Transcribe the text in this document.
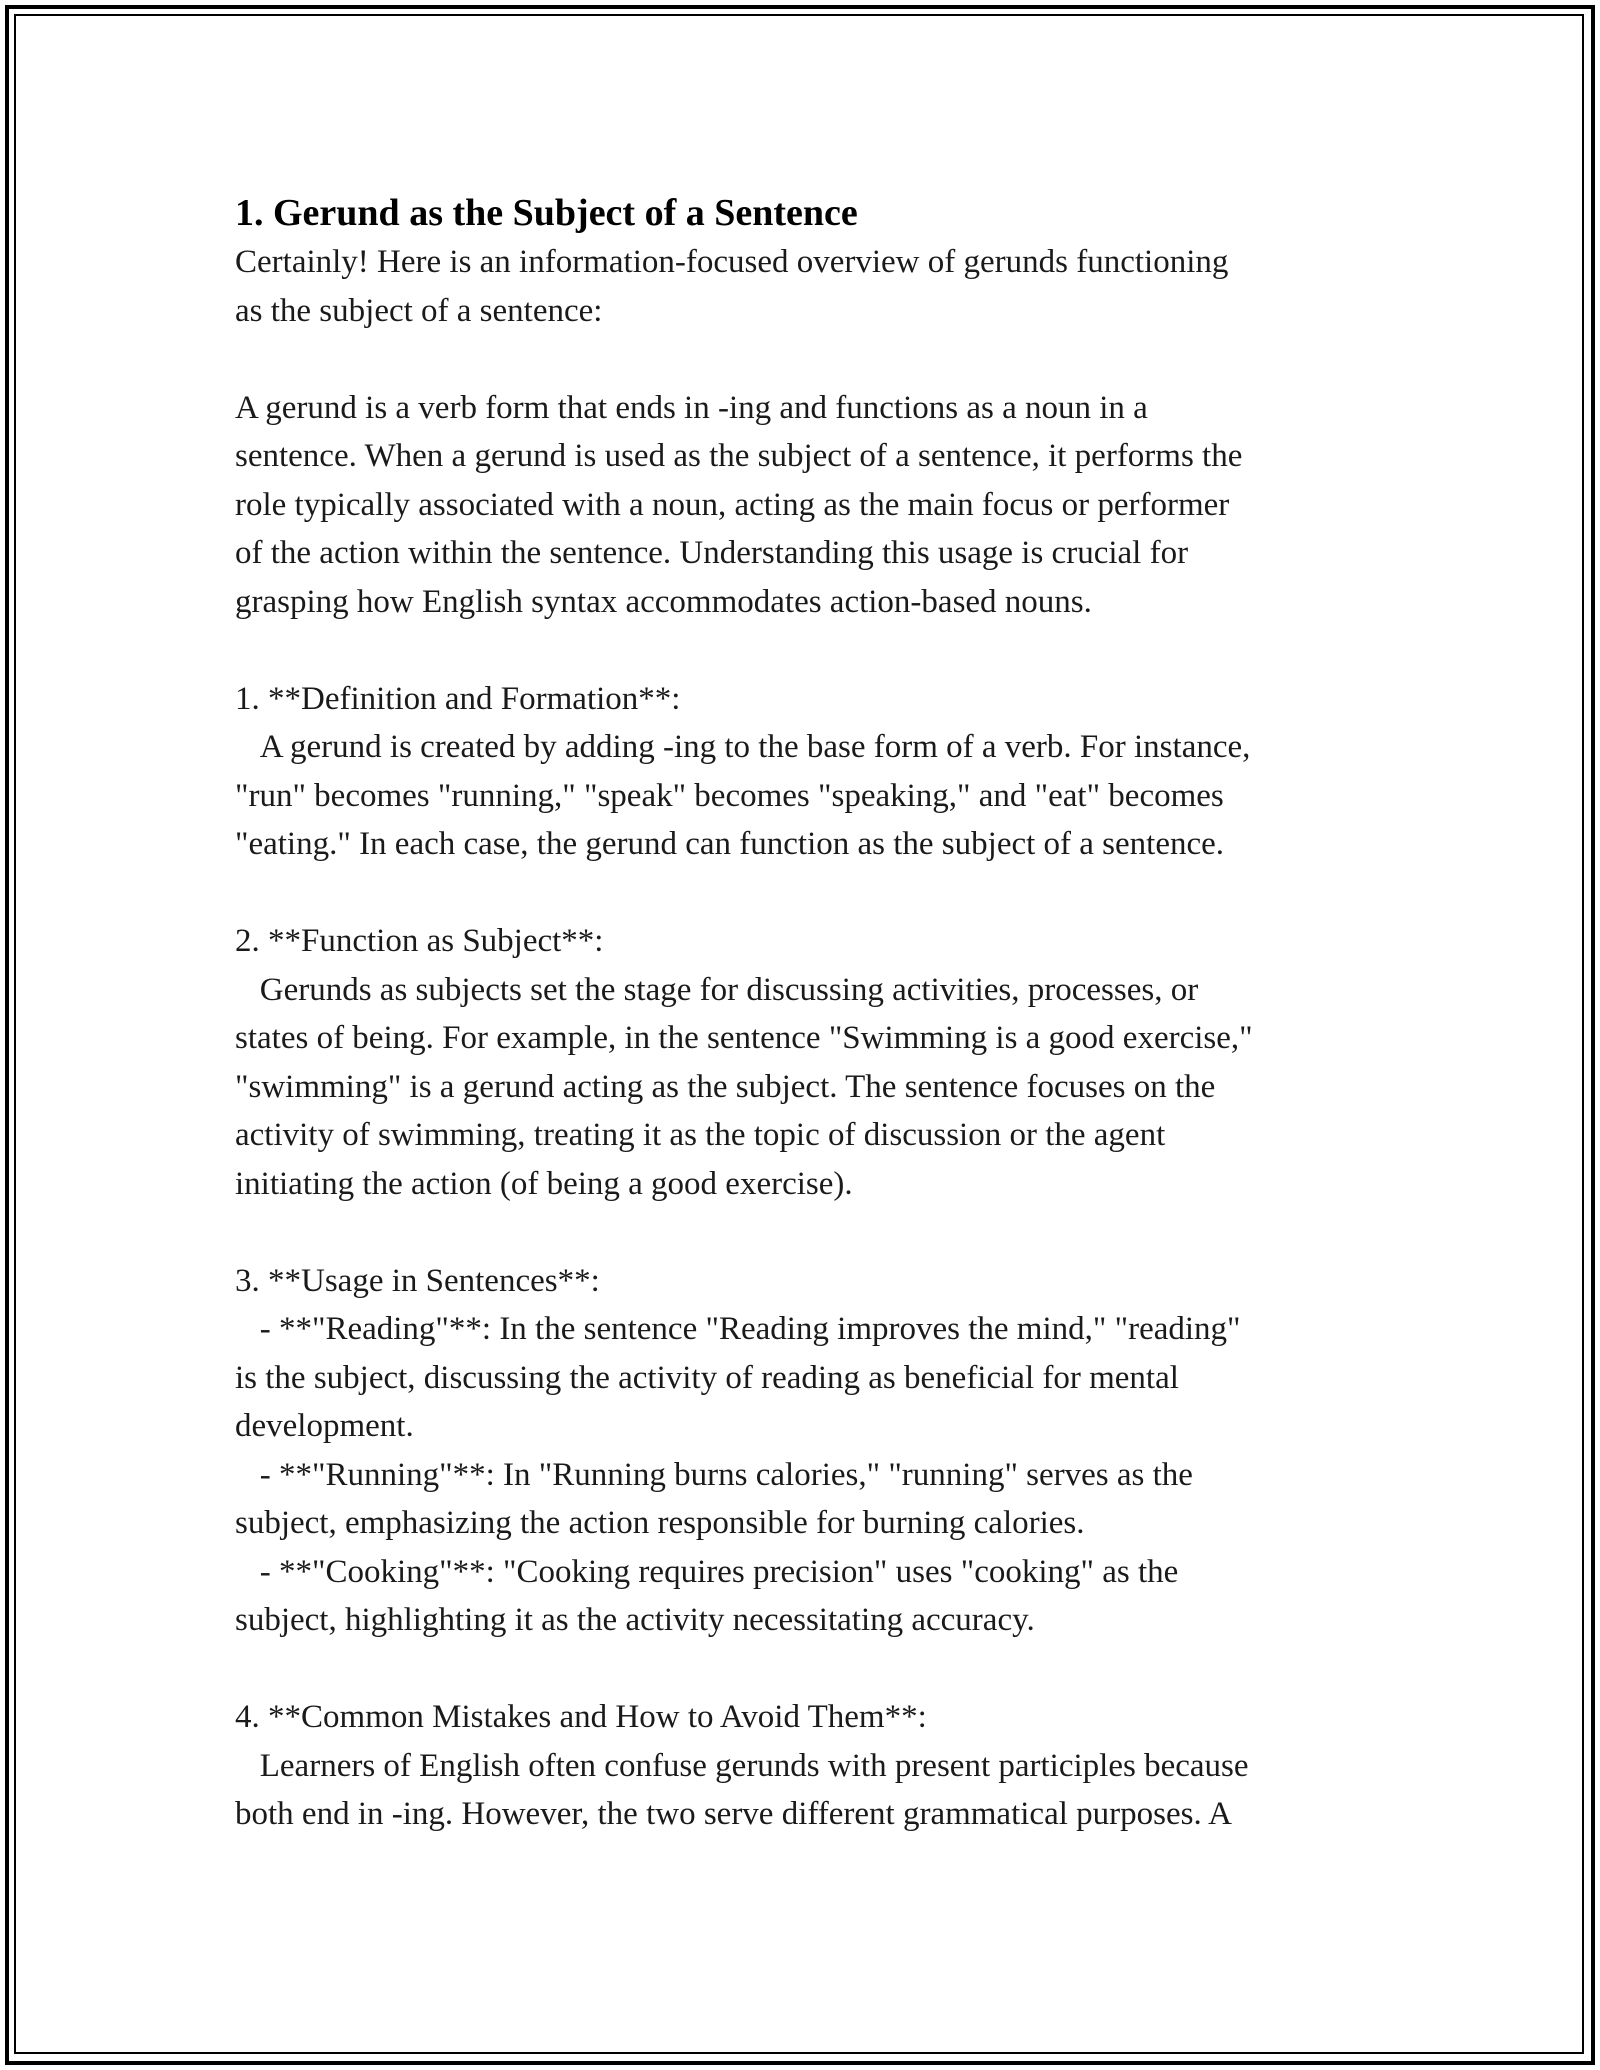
1. Gerund as the Subject of a Sentence

Certainly! Here is an information-focused overview of gerunds functioning
as the subject of a sentence:

A gerund is a verb form that ends in -ing and functions as a noun in a
sentence. When a gerund is used as the subject of a sentence, it performs the
role typically associated with a noun, acting as the main focus or performer
of the action within the sentence. Understanding this usage is crucial for
grasping how English syntax accommodates action-based nouns.

1. **Definition and Formation**:
A gerund is created by adding -ing to the base form of a verb. For instance,
"run" becomes "running," "speak" becomes "speaking," and "eat" becomes
"eating." In each case, the gerund can function as the subject of a sentence.

2. **Function as Subject**:
Gerunds as subjects set the stage for discussing activities, processes, or
states of being. For example, in the sentence "Swimming is a good exercise,"
"swimming" is a gerund acting as the subject. The sentence focuses on the
activity of swimming, treating it as the topic of discussion or the agent
initiating the action (of being a good exercise).

3. **Usage in Sentences**:
- **"Reading"**: In the sentence "Reading improves the mind," "reading"
is the subject, discussing the activity of reading as beneficial for mental
development.
- **"Running"**: In "Running burns calories," "running" serves as the
subject, emphasizing the action responsible for burning calories.
- **"Cooking"**: "Cooking requires precision" uses "cooking" as the
subject, highlighting it as the activity necessitating accuracy.

4. **Common Mistakes and How to Avoid Them**:
Learners of English often confuse gerunds with present participles because
both end in -ing. However, the two serve different grammatical purposes. A
